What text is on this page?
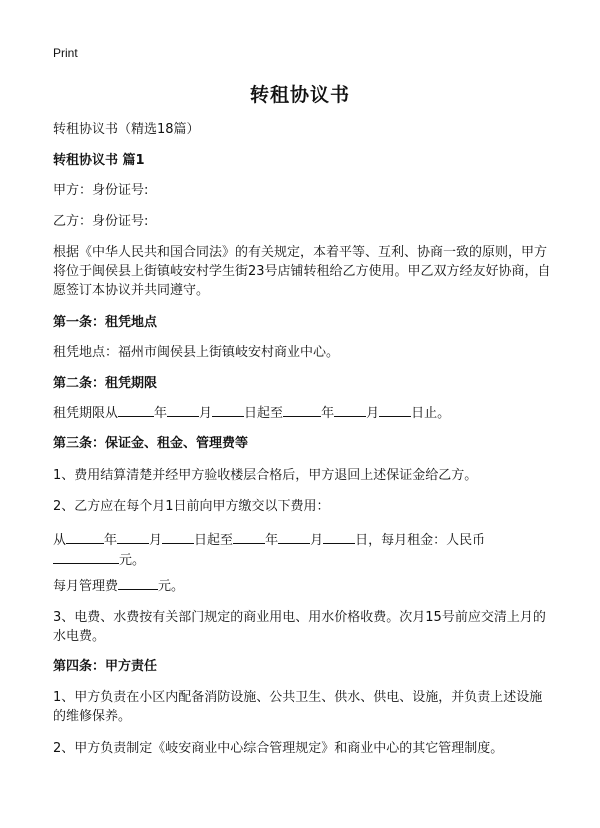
Print
转租协议书
转租协议书（精选18篇）
转租协议书 篇1
甲方：身份证号:
乙方：身份证号:
根据《中华人民共和国合同法》的有关规定，本着平等、互利、协商一致的原则，甲方将位于闽侯县上街镇岐安村学生街23号店铺转租给乙方使用。甲乙双方经友好协商，自愿签订本协议并共同遵守。
第一条：租凭地点
租凭地点：福州市闽侯县上街镇岐安村商业中心。
第二条：租凭期限
租凭期限从	年 月 日起至	年 月 日止。
第三条：保证金、租金、管理费等
1、费用结算清楚并经甲方验收楼层合格后，甲方退回上述保证金给乙方。
2、乙方应在每个月1日前向甲方缴交以下费用：
从	年 月 日起至 年 月 日，每月租金：人民币
元。
每月管理费	元。
3、电费、水费按有关部门规定的商业用电、用水价格收费。次月15号前应交清上月的水电费。
第四条：甲方责任
1、甲方负责在小区内配备消防设施、公共卫生、供水、供电、设施，并负责上述设施的维修保养。
2、甲方负责制定《岐安商业中心综合管理规定》和商业中心的其它管理制度。
